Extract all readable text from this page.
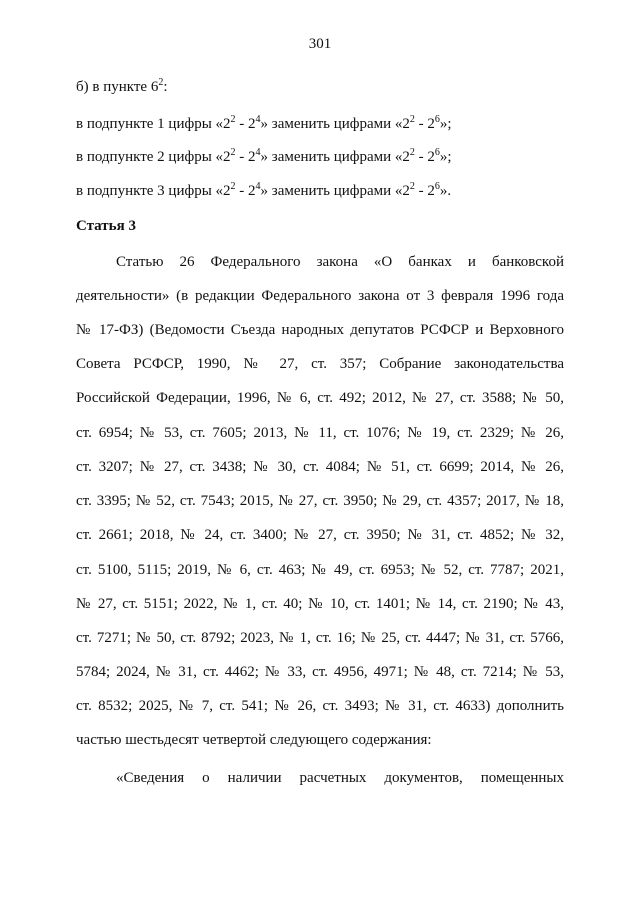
301
б) в пункте $6^2$:
в подпункте 1 цифры «$2^2 - 2^4$» заменить цифрами «$2^2 - 2^6$»;
в подпункте 2 цифры «$2^2 - 2^4$» заменить цифрами «$2^2 - 2^6$»;
в подпункте 3 цифры «$2^2 - 2^4$» заменить цифрами «$2^2 - 2^6$».
Статья 3
Статью 26 Федерального закона «О банках и банковской
деятельности» (в редакции Федерального закона от 3 февраля 1996 года
№ 17-ФЗ) (Ведомости Съезда народных депутатов РСФСР и Верховного
Совета РСФСР, 1990, № 27, ст. 357; Собрание законодательства
Российской Федерации, 1996, № 6, ст. 492; 2012, № 27, ст. 3588; № 50,
ст. 6954; № 53, ст. 7605; 2013, № 11, ст. 1076; № 19, ст. 2329; № 26,
ст. 3207; № 27, ст. 3438; № 30, ст. 4084; № 51, ст. 6699; 2014, № 26,
ст. 3395; № 52, ст. 7543; 2015, № 27, ст. 3950; № 29, ст. 4357; 2017, № 18,
ст. 2661; 2018, № 24, ст. 3400; № 27, ст. 3950; № 31, ст. 4852; № 32,
ст. 5100, 5115; 2019, № 6, ст. 463; № 49, ст. 6953; № 52, ст. 7787; 2021,
№ 27, ст. 5151; 2022, № 1, ст. 40; № 10, ст. 1401; № 14, ст. 2190; № 43,
ст. 7271; № 50, ст. 8792; 2023, № 1, ст. 16; № 25, ст. 4447; № 31, ст. 5766,
5784; 2024, № 31, ст. 4462; № 33, ст. 4956, 4971; № 48, ст. 7214; № 53,
ст. 8532; 2025, № 7, ст. 541; № 26, ст. 3493; № 31, ст. 4633) дополнить
частью шестьдесят четвертой следующего содержания:
«Сведения о наличии расчетных документов, помещенных
